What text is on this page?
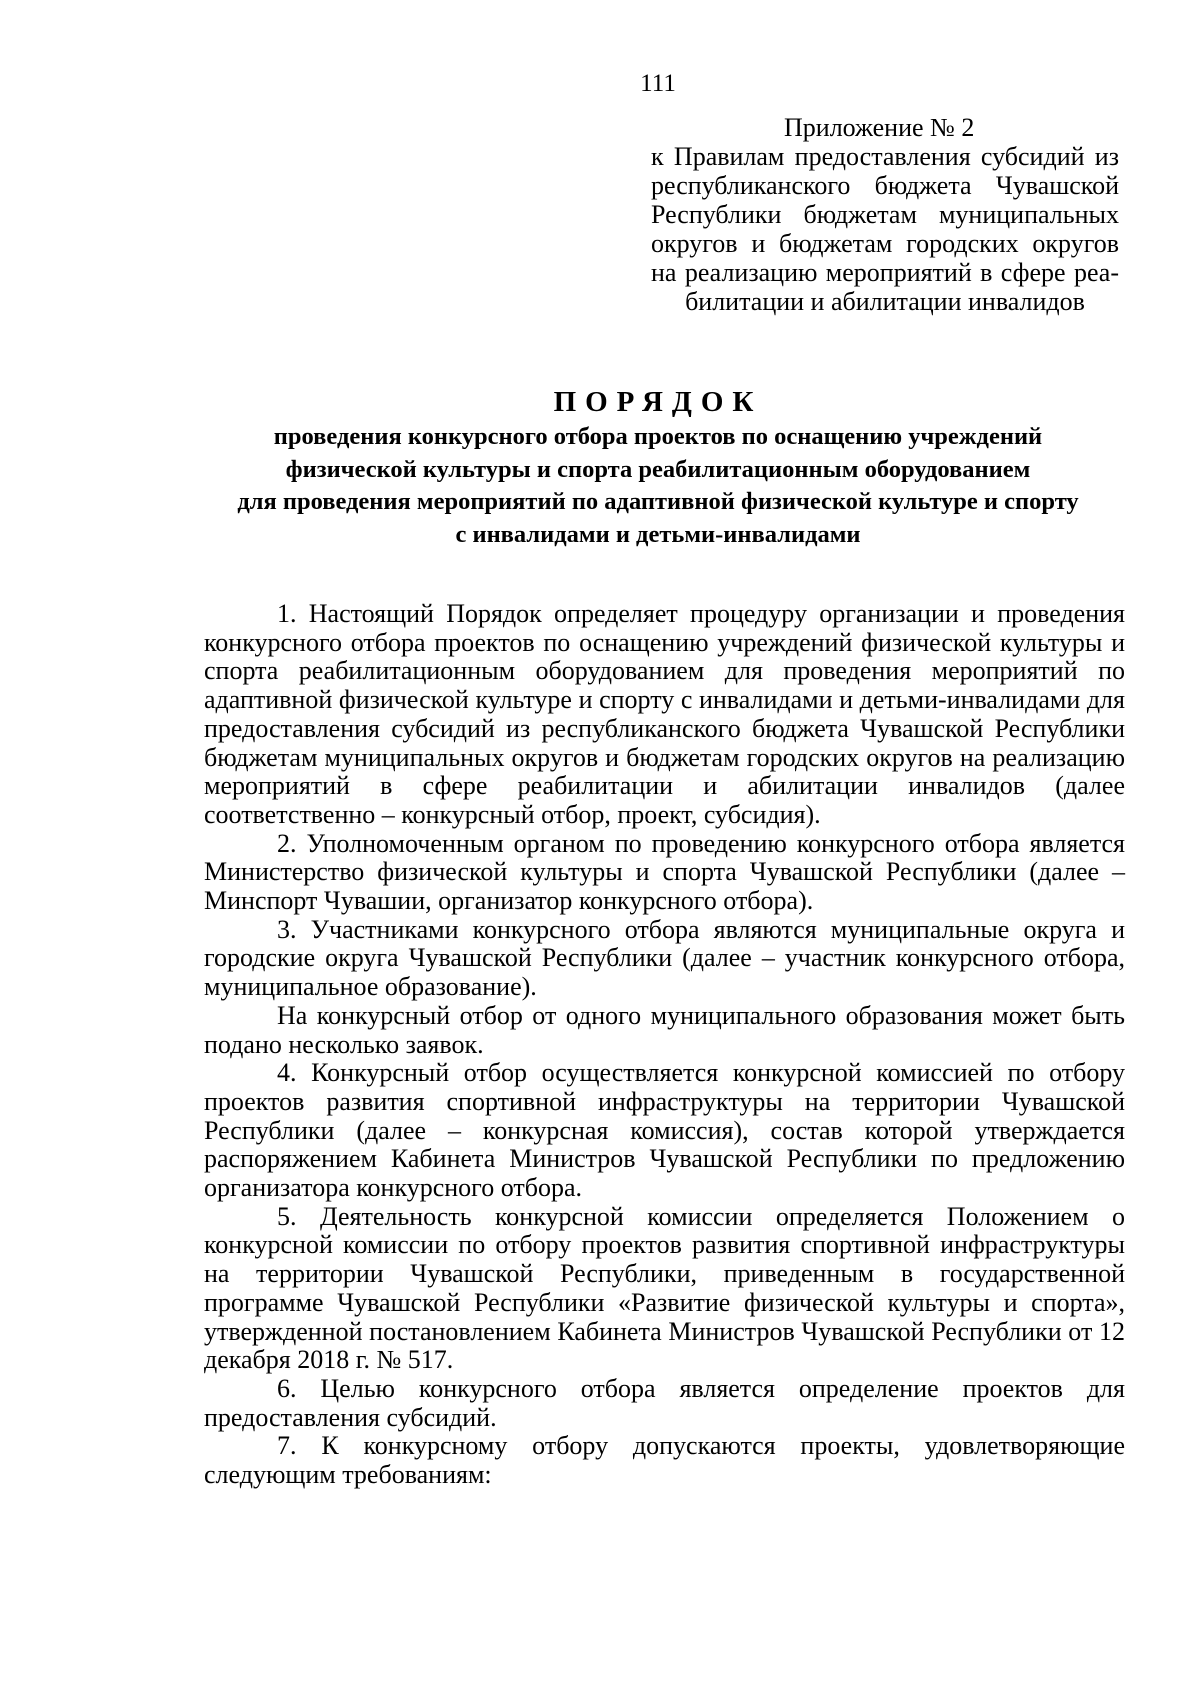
111
Приложение № 2
к Правилам предоставления субсидий из
республиканского бюджета Чувашской
Республики бюджетам муниципальных
округов и бюджетам городских округов
на реализацию мероприятий в сфере реа-
билитации и абилитации инвалидов
ПОРЯДОК
проведения конкурсного отбора проектов по оснащению учреждений
физической культуры и спорта реабилитационным оборудованием
для проведения мероприятий по адаптивной физической культуре и спорту
с инвалидами и детьми-инвалидами

1. Настоящий Порядок определяет процедуру организации и проведения конкурсного отбора проектов по оснащению учреждений физической культуры и спорта реабилитационным оборудованием для проведения мероприятий по адаптивной физической культуре и спорту с инвалидами и детьми-инвалидами для предоставления субсидий из республиканского бюджета Чувашской Республики бюджетам муниципальных округов и бюджетам городских округов на реализацию мероприятий в сфере реабилитации и абилитации инвалидов (далее соответственно – конкурсный отбор, проект, субсидия).

2. Уполномоченным органом по проведению конкурсного отбора является Министерство физической культуры и спорта Чувашской Республики (далее – Минспорт Чувашии, организатор конкурсного отбора).

3. Участниками конкурсного отбора являются муниципальные округа и городские округа Чувашской Республики (далее – участник конкурсного отбора, муниципальное образование).

На конкурсный отбор от одного муниципального образования может быть подано несколько заявок.

4. Конкурсный отбор осуществляется конкурсной комиссией по отбору проектов развития спортивной инфраструктуры на территории Чувашской Республики (далее – конкурсная комиссия), состав которой утверждается распоряжением Кабинета Министров Чувашской Республики по предложению организатора конкурсного отбора.

5. Деятельность конкурсной комиссии определяется Положением о конкурсной комиссии по отбору проектов развития спортивной инфраструктуры на территории Чувашской Республики, приведенным в государственной программе Чувашской Республики «Развитие физической культуры и спорта», утвержденной постановлением Кабинета Министров Чувашской Республики от 12 декабря 2018 г. № 517.

6. Целью конкурсного отбора является определение проектов для предоставления субсидий.

7. К конкурсному отбору допускаются проекты, удовлетворяющие следующим требованиям:
